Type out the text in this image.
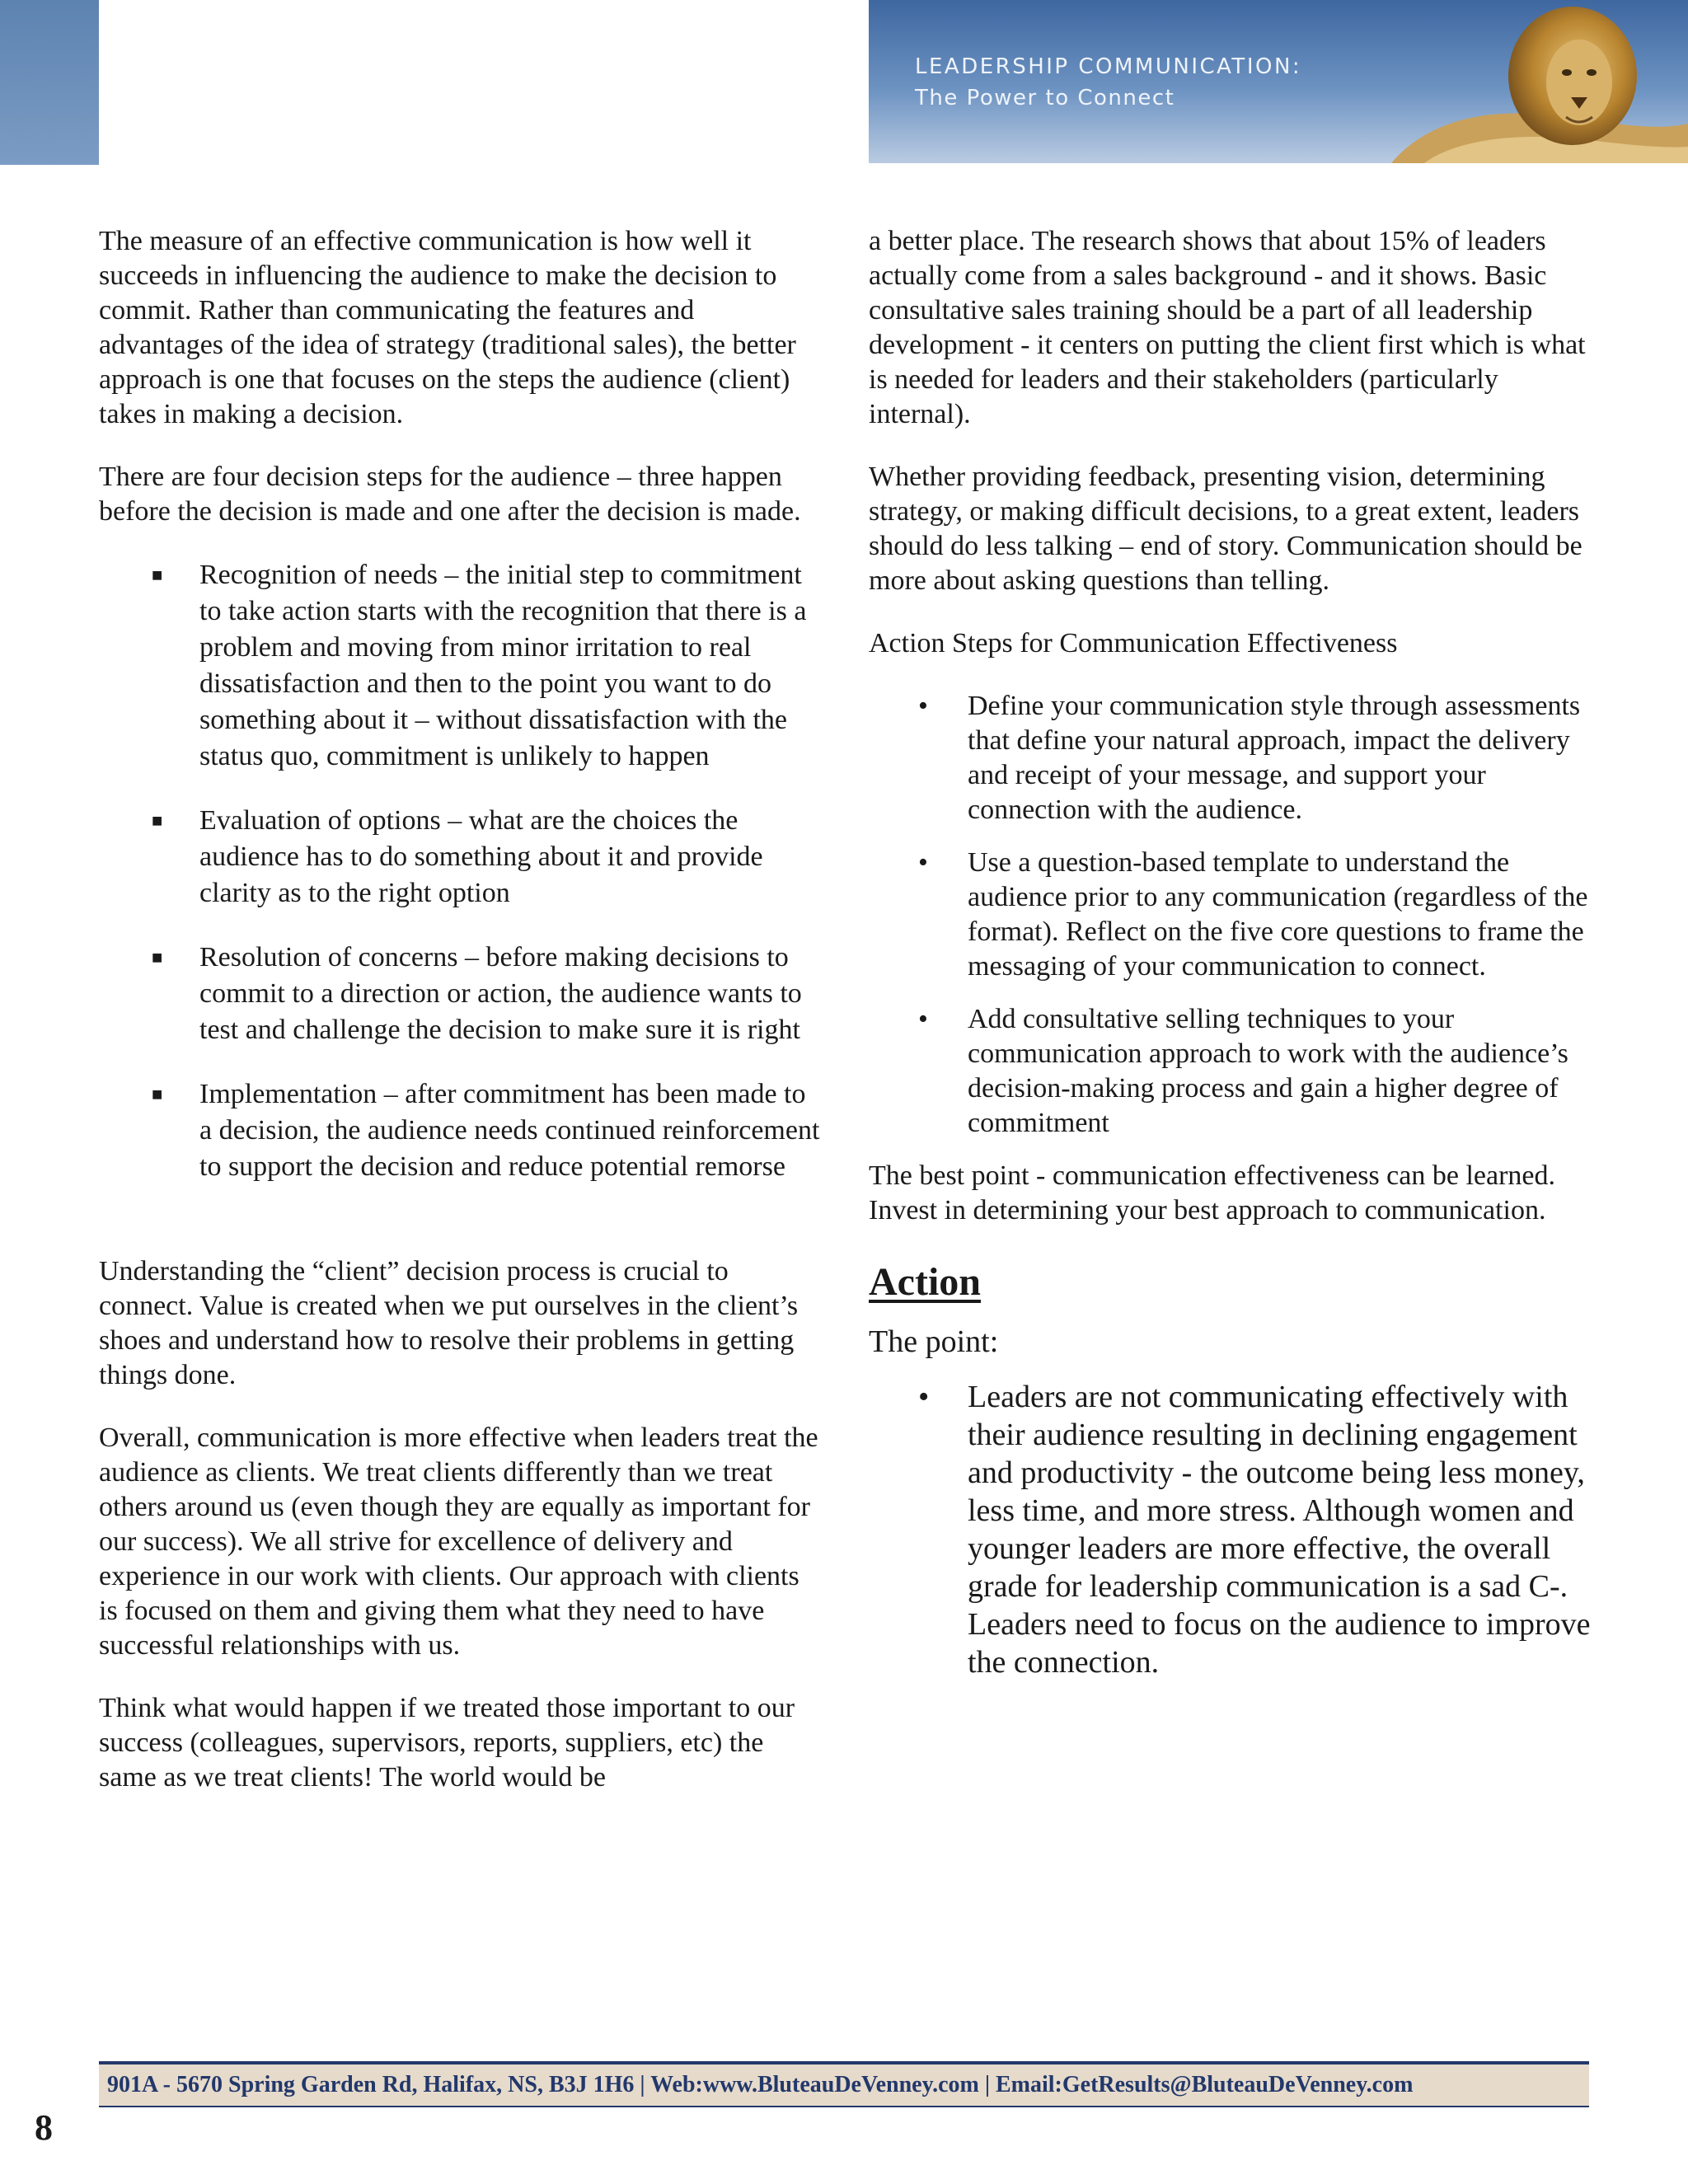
LEADERSHIP COMMUNICATION:
The Power to Connect

The measure of an effective communication is how well it succeeds in influencing the audience to make the decision to commit. Rather than communicating the features and advantages of the idea of strategy (traditional sales), the better approach is one that focuses on the steps the audience (client) takes in making a decision.

There are four decision steps for the audience – three happen before the decision is made and one after the decision is made.

■ Recognition of needs – the initial step to commitment to take action starts with the recognition that there is a problem and moving from minor irritation to real dissatisfaction and then to the point you want to do something about it – without dissatisfaction with the status quo, commitment is unlikely to happen
■ Evaluation of options – what are the choices the audience has to do something about it and provide clarity as to the right option
■ Resolution of concerns – before making decisions to commit to a direction or action, the audience wants to test and challenge the decision to make sure it is right
■ Implementation – after commitment has been made to a decision, the audience needs continued reinforcement to support the decision and reduce potential remorse

Understanding the “client” decision process is crucial to connect. Value is created when we put ourselves in the client’s shoes and understand how to resolve their problems in getting things done.

Overall, communication is more effective when leaders treat the audience as clients. We treat clients differently than we treat others around us (even though they are equally as important for our success). We all strive for excellence of delivery and experience in our work with clients. Our approach with clients is focused on them and giving them what they need to have successful relationships with us.

Think what would happen if we treated those important to our success (colleagues, supervisors, reports, suppliers, etc) the same as we treat clients! The world would be

a better place. The research shows that about 15% of leaders actually come from a sales background - and it shows. Basic consultative sales training should be a part of all leadership development - it centers on putting the client first which is what is needed for leaders and their stakeholders (particularly internal).

Whether providing feedback, presenting vision, determining strategy, or making difficult decisions, to a great extent, leaders should do less talking – end of story. Communication should be more about asking questions than telling.

Action Steps for Communication Effectiveness

• Define your communication style through assessments that define your natural approach, impact the delivery and receipt of your message, and support your connection with the audience.
• Use a question-based template to understand the audience prior to any communication (regardless of the format). Reflect on the five core questions to frame the messaging of your communication to connect.
• Add consultative selling techniques to your communication approach to work with the audience’s decision-making process and gain a higher degree of commitment

The best point - communication effectiveness can be learned. Invest in determining your best approach to communication.

Action

The point:

• Leaders are not communicating effectively with their audience resulting in declining engagement and productivity - the outcome being less money, less time, and more stress. Although women and younger leaders are more effective, the overall grade for leadership communication is a sad C-. Leaders need to focus on the audience to improve the connection.
901A - 5670 Spring Garden Rd, Halifax, NS, B3J 1H6 | Web:www.BluteauDeVenney.com | Email:GetResults@BluteauDeVenney.com
8
